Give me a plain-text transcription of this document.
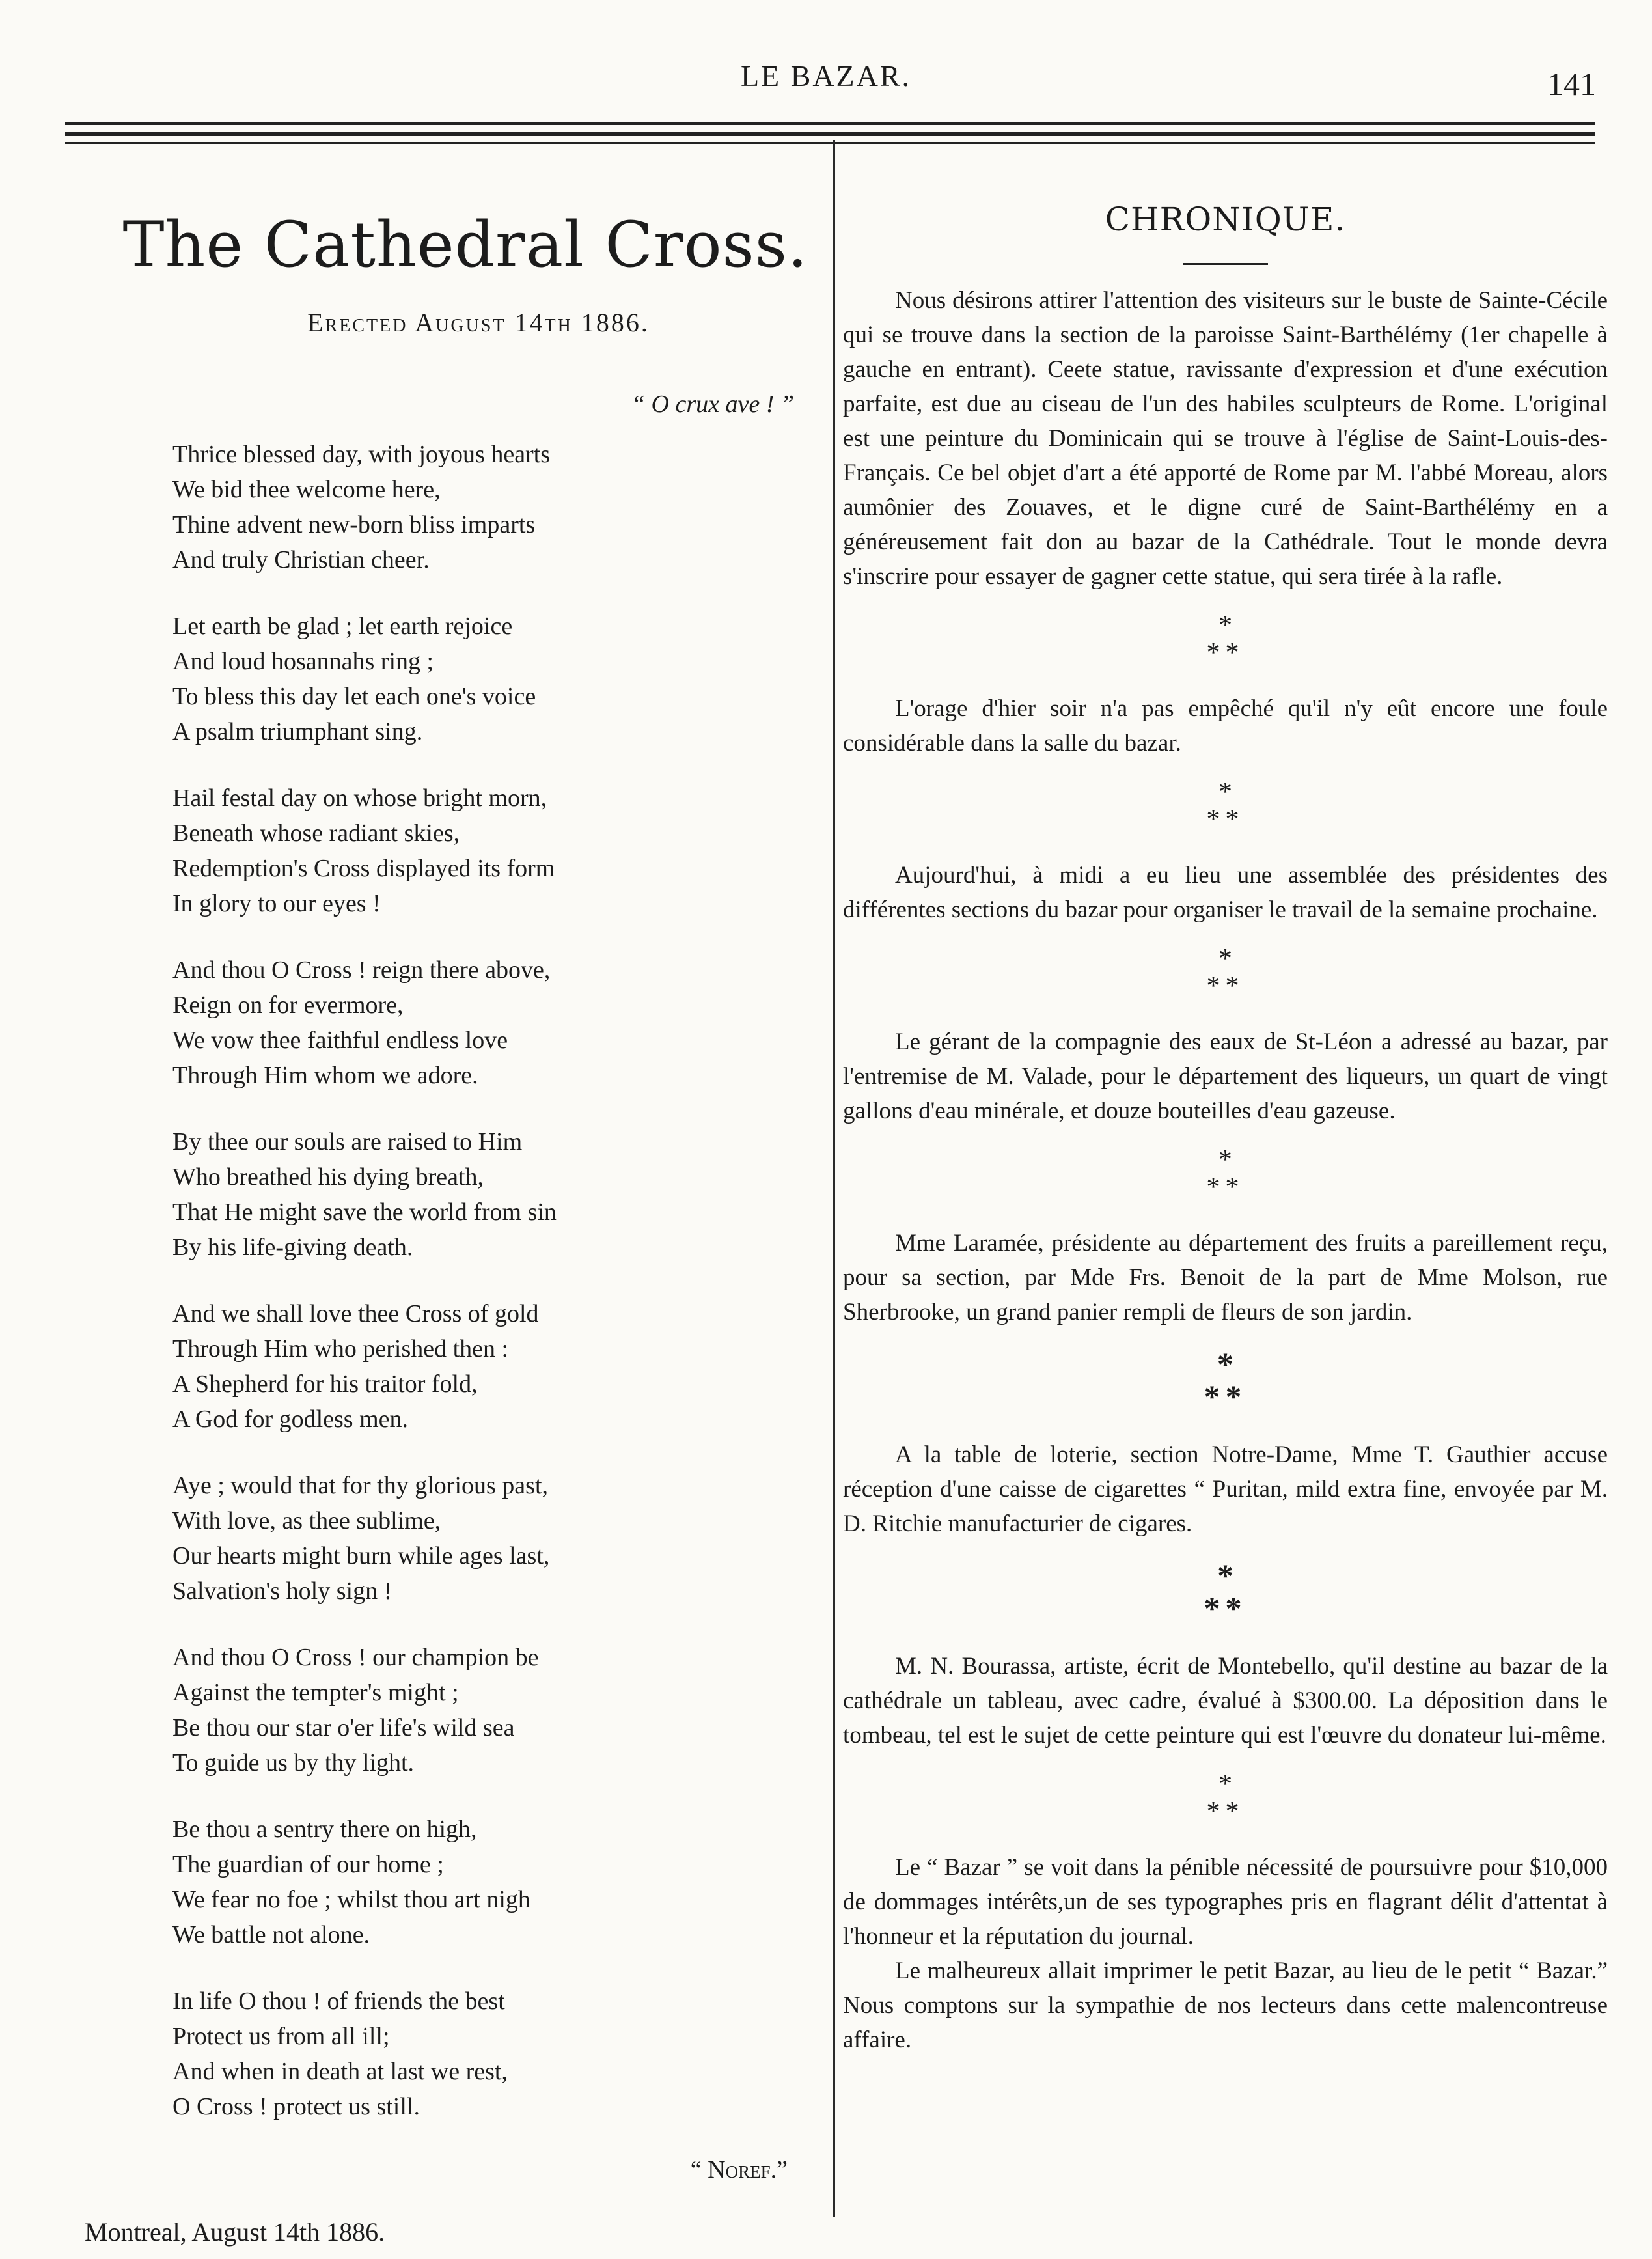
LE BAZAR.	141
The Cathedral Cross.
Erected August 14th 1886.
“ O crux ave ! ”
Thrice blessed day, with joyous hearts
We bid thee welcome here,
Thine advent new-born bliss imparts
And truly Christian cheer.
Let earth be glad ; let earth rejoice
And loud hosannahs ring ;
To bless this day let each one's voice
A psalm triumphant sing.
Hail festal day on whose bright morn,
Beneath whose radiant skies,
Redemption's Cross displayed its form
In glory to our eyes !
And thou O Cross ! reign there above,
Reign on for evermore,
We vow thee faithful endless love
Through Him whom we adore.
By thee our souls are raised to Him
Who breathed his dying breath,
That He might save the world from sin
By his life-giving death.
And we shall love thee Cross of gold
Through Him who perished then :
A Shepherd for his traitor fold,
A God for godless men.
Aye ; would that for thy glorious past,
With love, as thee sublime,
Our hearts might burn while ages last,
Salvation's holy sign !
And thou O Cross ! our champion be
Against the tempter's might ;
Be thou our star o'er life's wild sea
To guide us by thy light.
Be thou a sentry there on high,
The guardian of our home ;
We fear no foe ; whilst thou art nigh
We battle not alone.
In life O thou ! of friends the best
Protect us from all ill;
And when in death at last we rest,
O Cross ! protect us still.
“ Noref.”
Montreal, August 14th 1886.
CHRONIQUE.

Nous désirons attirer l'attention des visiteurs sur le buste de Sainte-Cécile qui se trouve dans la section de la paroisse Saint-Barthélémy (1er chapelle à gauche en entrant). Ceete statue, ravissante d'expression et d'une exécution parfaite, est due au ciseau de l'un des habiles sculpteurs de Rome. L'original est une peinture du Dominicain qui se trouve à l'église de Saint-Louis-des-Français. Ce bel objet d'art a été apporté de Rome par M. l'abbé Moreau, alors aumônier des Zouaves, et le digne curé de Saint-Barthélémy en a généreusement fait don au bazar de la Cathédrale. Tout le monde devra s'inscrire pour essayer de gagner cette statue, qui sera tirée à la rafle.

*
**

L'orage d'hier soir n'a pas empêché qu'il n'y eût encore une foule considérable dans la salle du bazar.

*
**

Aujourd'hui, à midi a eu lieu une assemblée des présidentes des différentes sections du bazar pour organiser le travail de la semaine prochaine.

*
**

Le gérant de la compagnie des eaux de St-Léon a adressé au bazar, par l'entremise de M. Valade, pour le département des liqueurs, un quart de vingt gallons d'eau minérale, et douze bouteilles d'eau gazeuse.

*
**

Mme Laramée, présidente au département des fruits a pareillement reçu, pour sa section, par Mde Frs. Benoit de la part de Mme Molson, rue Sherbrooke, un grand panier rempli de fleurs de son jardin.

*
**

A la table de loterie, section Notre-Dame, Mme T. Gauthier accuse réception d'une caisse de cigarettes “ Puritan, mild extra fine, envoyée par M. D. Ritchie manufacturier de cigares.

*
**

M. N. Bourassa, artiste, écrit de Montebello, qu'il destine au bazar de la cathédrale un tableau, avec cadre, évalué à $300.00. La déposition dans le tombeau, tel est le sujet de cette peinture qui est l'œuvre du donateur lui-même.

*
**

Le “ Bazar ” se voit dans la pénible nécessité de poursuivre pour $10,000 de dommages intérêts,un de ses typographes pris en flagrant délit d'attentat à l'honneur et la réputation du journal.

Le malheureux allait imprimer le petit Bazar, au lieu de le petit “ Bazar.” Nous comptons sur la sympathie de nos lecteurs dans cette malencontreuse affaire.
